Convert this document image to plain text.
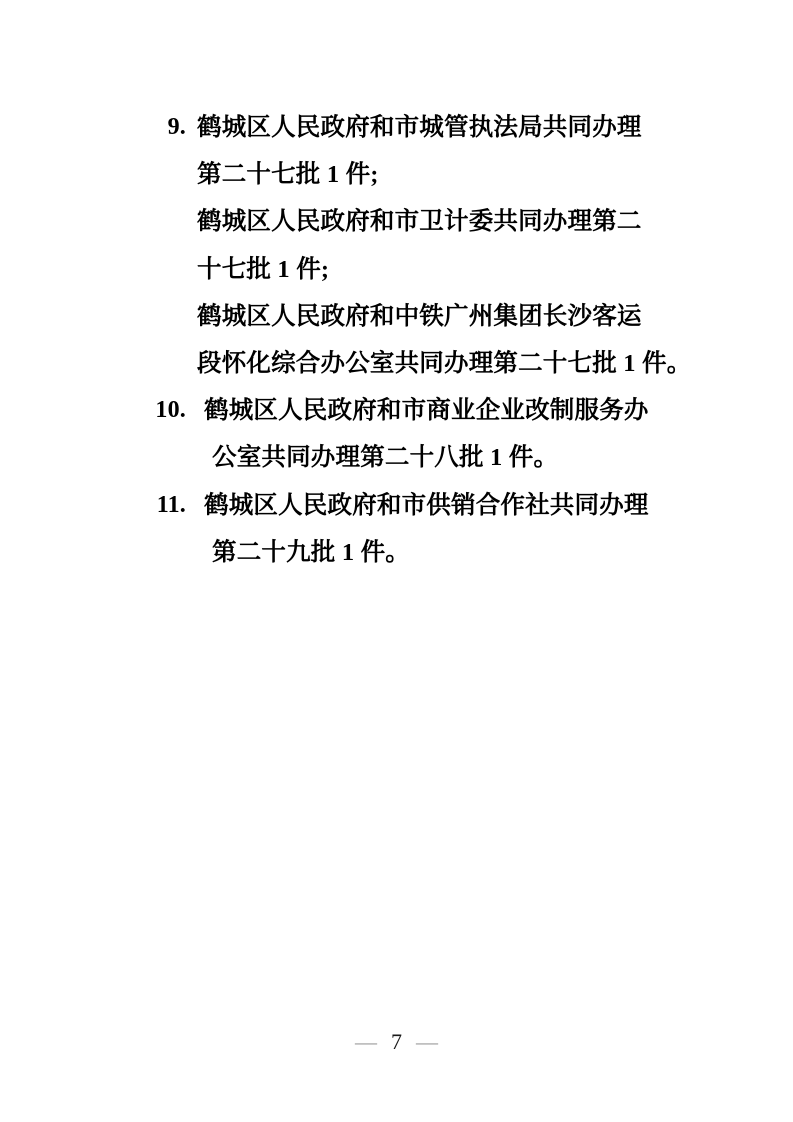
9. 鹤城区人民政府和市城管执法局共同办理
第二十七批 1 件;
鹤城区人民政府和市卫计委共同办理第二
十七批 1 件;
鹤城区人民政府和中铁广州集团长沙客运
段怀化综合办公室共同办理第二十七批 1 件。
10. 鹤城区人民政府和市商业企业改制服务办
公室共同办理第二十八批 1 件。
11. 鹤城区人民政府和市供销合作社共同办理
第二十九批 1 件。
— 7 —
